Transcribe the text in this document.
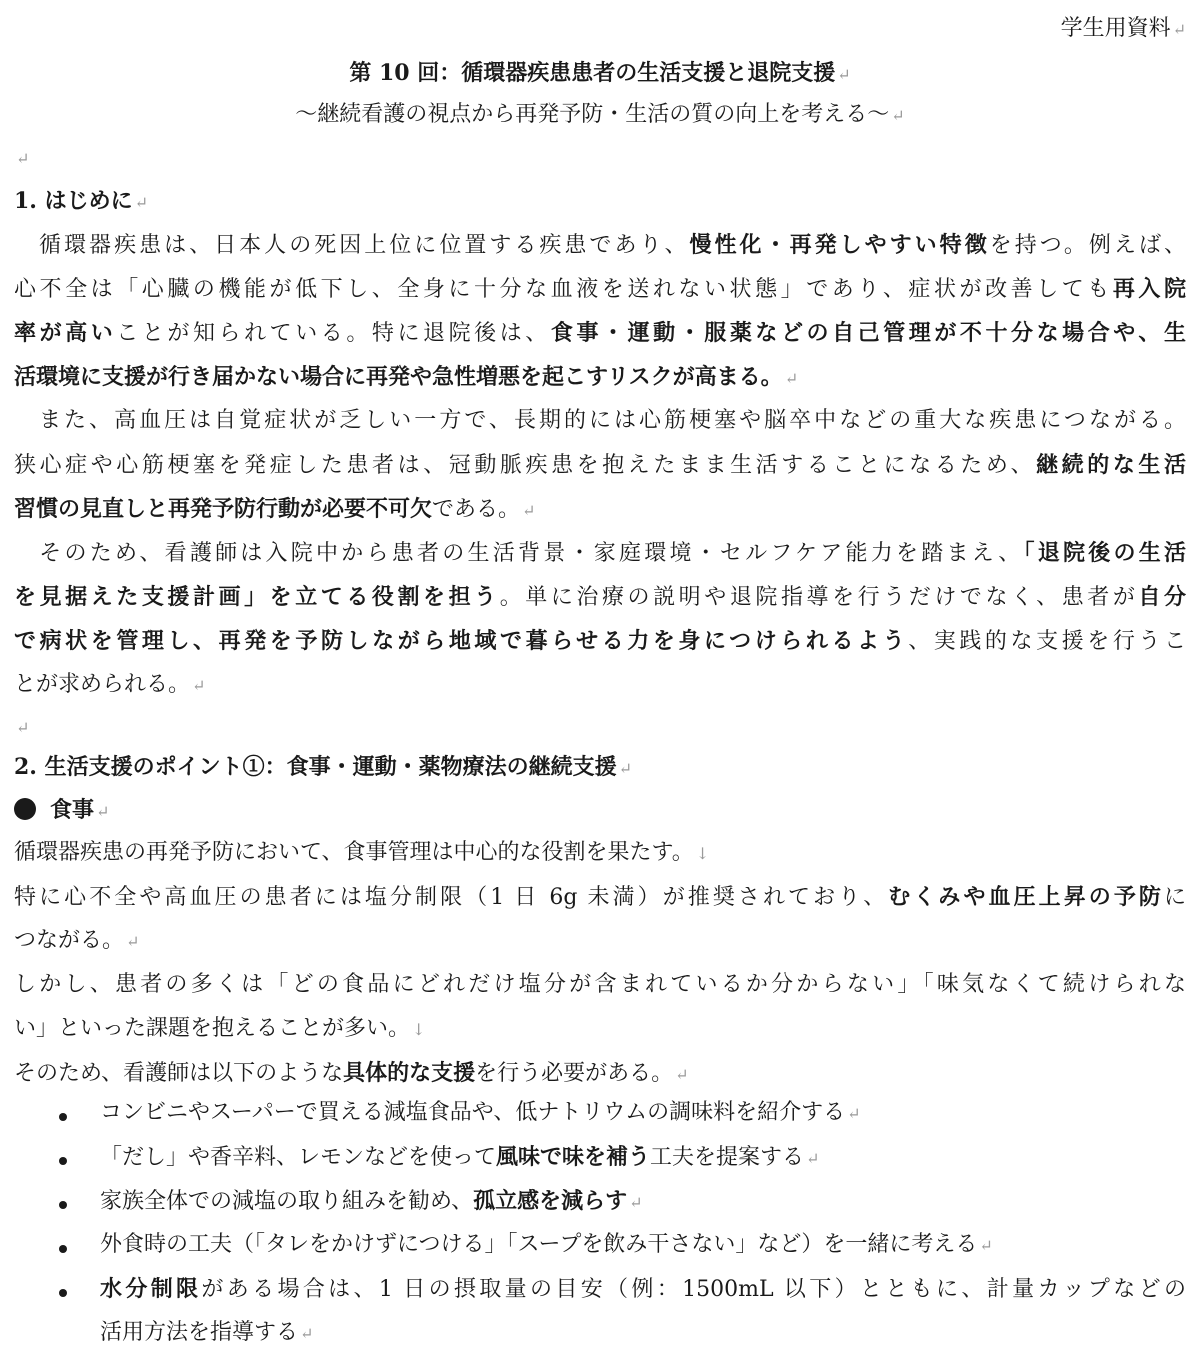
学生用資料 ↵
第 10 回：循環器疾患患者の生活支援と退院支援 ↵
〜継続看護の視点から再発予防・生活の質の向上を考える〜 ↵
↵
1. はじめに ↵
　循環器疾患は、日本人の死因上位に位置する疾患であり、慢性化・再発しやすい特徴を持つ。例えば、
心不全は「心臓の機能が低下し、全身に十分な血液を送れない状態」であり、症状が改善しても再入院
率が高いことが知られている。特に退院後は、食事・運動・服薬などの自己管理が不十分な場合や、生
活環境に支援が行き届かない場合に再発や急性増悪を起こすリスクが高まる。 ↵
　また、高血圧は自覚症状が乏しい一方で、長期的には心筋梗塞や脳卒中などの重大な疾患につながる。
狭心症や心筋梗塞を発症した患者は、冠動脈疾患を抱えたまま生活することになるため、継続的な生活
習慣の見直しと再発予防行動が必要不可欠である。 ↵
　そのため、看護師は入院中から患者の生活背景・家庭環境・セルフケア能力を踏まえ、「退院後の生活
を見据えた支援計画」を立てる役割を担う。単に治療の説明や退院指導を行うだけでなく、患者が自分
で病状を管理し、再発を予防しながら地域で暮らせる力を身につけられるよう、実践的な支援を行うこ
とが求められる。 ↵
↵
2. 生活支援のポイント①：食事・運動・薬物療法の継続支援 ↵
食事 ↵
循環器疾患の再発予防において、食事管理は中心的な役割を果たす。 ↓
特に心不全や高血圧の患者には塩分制限（1 日 6g 未満）が推奨されており、むくみや血圧上昇の予防に
つながる。 ↵
しかし、患者の多くは「どの食品にどれだけ塩分が含まれているか分からない」「味気なくて続けられな
い」といった課題を抱えることが多い。 ↓
そのため、看護師は以下のような具体的な支援を行う必要がある。 ↵
コンビニやスーパーで買える減塩食品や、低ナトリウムの調味料を紹介する ↵
「だし」や香辛料、レモンなどを使って風味で味を補う工夫を提案する ↵
家族全体での減塩の取り組みを勧め、孤立感を減らす ↵
外食時の工夫（「タレをかけずにつける」「スープを飲み干さない」など）を一緒に考える ↵
水分制限がある場合は、1 日の摂取量の目安（例：1500mL 以下）とともに、計量カップなどの
活用方法を指導する ↵
